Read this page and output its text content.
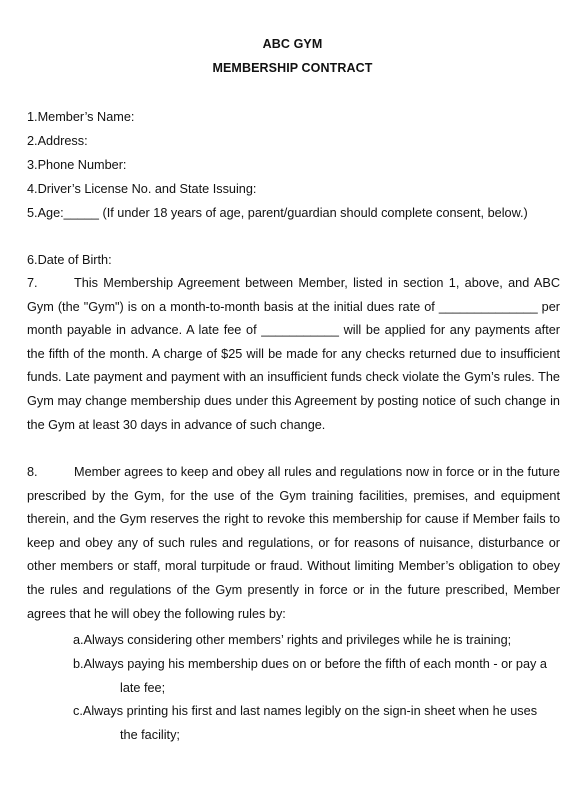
ABC GYM
MEMBERSHIP CONTRACT
1.Member’s Name:
2.Address:
3.Phone Number:
4.Driver’s License No. and State Issuing:
5.Age:_____ (If under 18 years of age, parent/guardian should complete consent, below.)
6.Date of Birth:
7.	This Membership Agreement between Member, listed in section 1, above, and ABC Gym (the "Gym") is on a month-to-month basis at the initial dues rate of ______________ per month payable in advance. A late fee of ___________ will be applied for any payments after the fifth of the month. A charge of $25 will be made for any checks returned due to insufficient funds. Late payment and payment with an insufficient funds check violate the Gym’s rules. The Gym may change membership dues under this Agreement by posting notice of such change in the Gym at least 30 days in advance of such change.
8.	Member agrees to keep and obey all rules and regulations now in force or in the future prescribed by the Gym, for the use of the Gym training facilities, premises, and equipment therein, and the Gym reserves the right to revoke this membership for cause if Member fails to keep and obey any of such rules and regulations, or for reasons of nuisance, disturbance or other members or staff, moral turpitude or fraud. Without limiting Member’s obligation to obey the rules and regulations of the Gym presently in force or in the future prescribed, Member agrees that he will obey the following rules by:
a.Always considering other members’ rights and privileges while he is training;
b.Always paying his membership dues on or before the fifth of each month - or pay a
late fee;
c.Always printing his first and last names legibly on the sign-in sheet when he uses
the facility;
